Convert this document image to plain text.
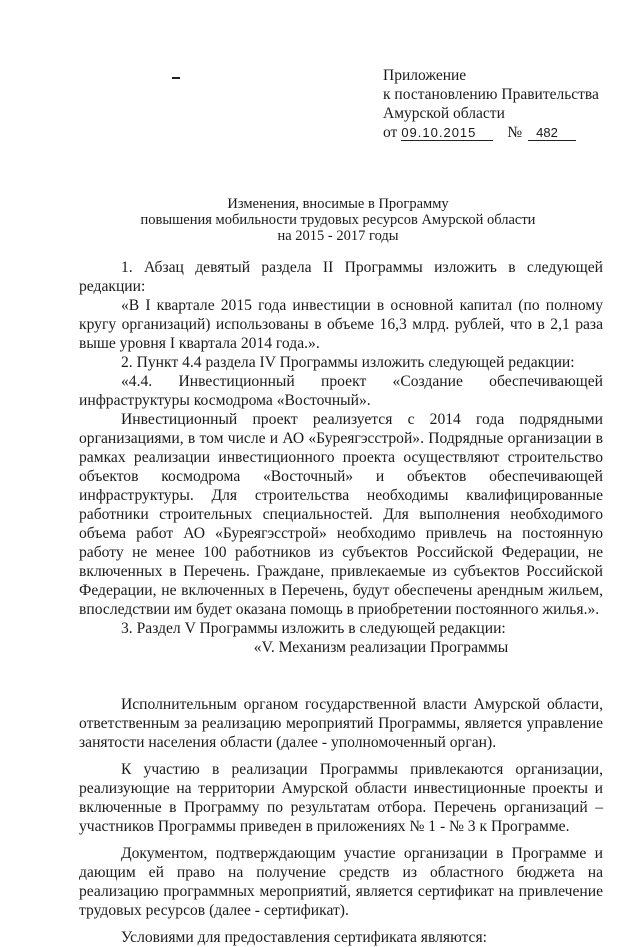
Приложение
к постановлению Правительства
Амурской области
от 09.10.2015 № 482
Изменения, вносимые в Программу
повышения мобильности трудовых ресурсов Амурской области
на 2015 - 2017 годы

1. Абзац девятый раздела II Программы изложить в следующей редакции:

«В I квартале 2015 года инвестиции в основной капитал (по полному кругу организаций) использованы в объеме 16,3 млрд. рублей, что в 2,1 раза выше уровня I квартала 2014 года.».

2. Пункт 4.4 раздела IV Программы изложить следующей редакции:

«4.4. Инвестиционный проект «Создание обеспечивающей инфраструктуры космодрома «Восточный».

Инвестиционный проект реализуется с 2014 года подрядными организациями, в том числе и АО «Буреягэсстрой». Подрядные организации в рамках реализации инвестиционного проекта осуществляют строительство объектов космодрома «Восточный» и объектов обеспечивающей инфраструктуры. Для строительства необходимы квалифицированные работники строительных специальностей. Для выполнения необходимого объема работ АО «Буреягэсстрой» необходимо привлечь на постоянную работу не менее 100 работников из субъектов Российской Федерации, не включенных в Перечень. Граждане, привлекаемые из субъектов Российской Федерации, не включенных в Перечень, будут обеспечены арендным жильем, впоследствии им будет оказана помощь в приобретении постоянного жилья.».

3. Раздел V Программы изложить в следующей редакции:

«V. Механизм реализации Программы

Исполнительным органом государственной власти Амурской области, ответственным за реализацию мероприятий Программы, является управление занятости населения области (далее - уполномоченный орган).

К участию в реализации Программы привлекаются организации, реализующие на территории Амурской области инвестиционные проекты и включенные в Программу по результатам отбора. Перечень организаций – участников Программы приведен в приложениях № 1 - № 3 к Программе.

Документом, подтверждающим участие организации в Программе и дающим ей право на получение средств из областного бюджета на реализацию программных мероприятий, является сертификат на привлечение трудовых ресурсов (далее - сертификат).

Условиями для предоставления сертификата являются:
